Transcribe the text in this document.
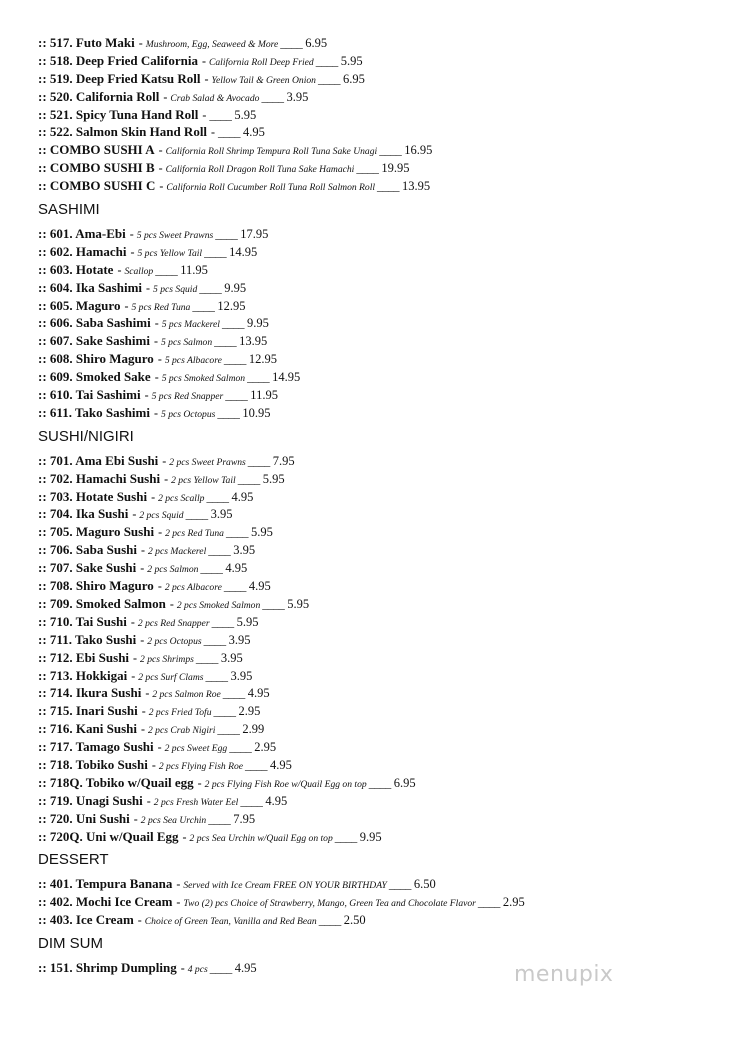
:: 517. Futo Maki - Mushroom, Egg, Seaweed & More ____ 6.95
:: 518. Deep Fried California - California Roll Deep Fried ____ 5.95
:: 519. Deep Fried Katsu Roll - Yellow Tail & Green Onion ____ 6.95
:: 520. California Roll - Crab Salad & Avocado ____ 3.95
:: 521. Spicy Tuna Hand Roll - ____ 5.95
:: 522. Salmon Skin Hand Roll - ____ 4.95
:: COMBO SUSHI A - California Roll Shrimp Tempura Roll Tuna Sake Unagi ____ 16.95
:: COMBO SUSHI B - California Roll Dragon Roll Tuna Sake Hamachi ____ 19.95
:: COMBO SUSHI C - California Roll Cucumber Roll Tuna Roll Salmon Roll ____ 13.95
SASHIMI
:: 601. Ama-Ebi - 5 pcs Sweet Prawns ____ 17.95
:: 602. Hamachi - 5 pcs Yellow Tail ____ 14.95
:: 603. Hotate - Scallop ____ 11.95
:: 604. Ika Sashimi - 5 pcs Squid ____ 9.95
:: 605. Maguro - 5 pcs Red Tuna ____ 12.95
:: 606. Saba Sashimi - 5 pcs Mackerel ____ 9.95
:: 607. Sake Sashimi - 5 pcs Salmon ____ 13.95
:: 608. Shiro Maguro - 5 pcs Albacore ____ 12.95
:: 609. Smoked Sake - 5 pcs Smoked Salmon ____ 14.95
:: 610. Tai Sashimi - 5 pcs Red Snapper ____ 11.95
:: 611. Tako Sashimi - 5 pcs Octopus ____ 10.95
SUSHI/NIGIRI
:: 701. Ama Ebi Sushi - 2 pcs Sweet Prawns ____ 7.95
:: 702. Hamachi Sushi - 2 pcs Yellow Tail ____ 5.95
:: 703. Hotate Sushi - 2 pcs Scallp ____ 4.95
:: 704. Ika Sushi - 2 pcs Squid ____ 3.95
:: 705. Maguro Sushi - 2 pcs Red Tuna ____ 5.95
:: 706. Saba Sushi - 2 pcs Mackerel ____ 3.95
:: 707. Sake Sushi - 2 pcs Salmon ____ 4.95
:: 708. Shiro Maguro - 2 pcs Albacore ____ 4.95
:: 709. Smoked Salmon - 2 pcs Smoked Salmon ____ 5.95
:: 710. Tai Sushi - 2 pcs Red Snapper ____ 5.95
:: 711. Tako Sushi - 2 pcs Octopus ____ 3.95
:: 712. Ebi Sushi - 2 pcs Shrimps ____ 3.95
:: 713. Hokkigai - 2 pcs Surf Clams ____ 3.95
:: 714. Ikura Sushi - 2 pcs Salmon Roe ____ 4.95
:: 715. Inari Sushi - 2 pcs Fried Tofu ____ 2.95
:: 716. Kani Sushi - 2 pcs Crab Nigiri ____ 2.99
:: 717. Tamago Sushi - 2 pcs Sweet Egg ____ 2.95
:: 718. Tobiko Sushi - 2 pcs Flying Fish Roe ____ 4.95
:: 718Q. Tobiko w/Quail egg - 2 pcs Flying Fish Roe w/Quail Egg on top ____ 6.95
:: 719. Unagi Sushi - 2 pcs Fresh Water Eel ____ 4.95
:: 720. Uni Sushi - 2 pcs Sea Urchin ____ 7.95
:: 720Q. Uni w/Quail Egg - 2 pcs Sea Urchin w/Quail Egg on top ____ 9.95
DESSERT
:: 401. Tempura Banana - Served with Ice Cream FREE ON YOUR BIRTHDAY ____ 6.50
:: 402. Mochi Ice Cream - Two (2) pcs Choice of Strawberry, Mango, Green Tea and Chocolate Flavor ____ 2.95
:: 403. Ice Cream - Choice of Green Tean, Vanilla and Red Bean ____ 2.50
DIM SUM
:: 151. Shrimp Dumpling - 4 pcs ____ 4.95	menupix
